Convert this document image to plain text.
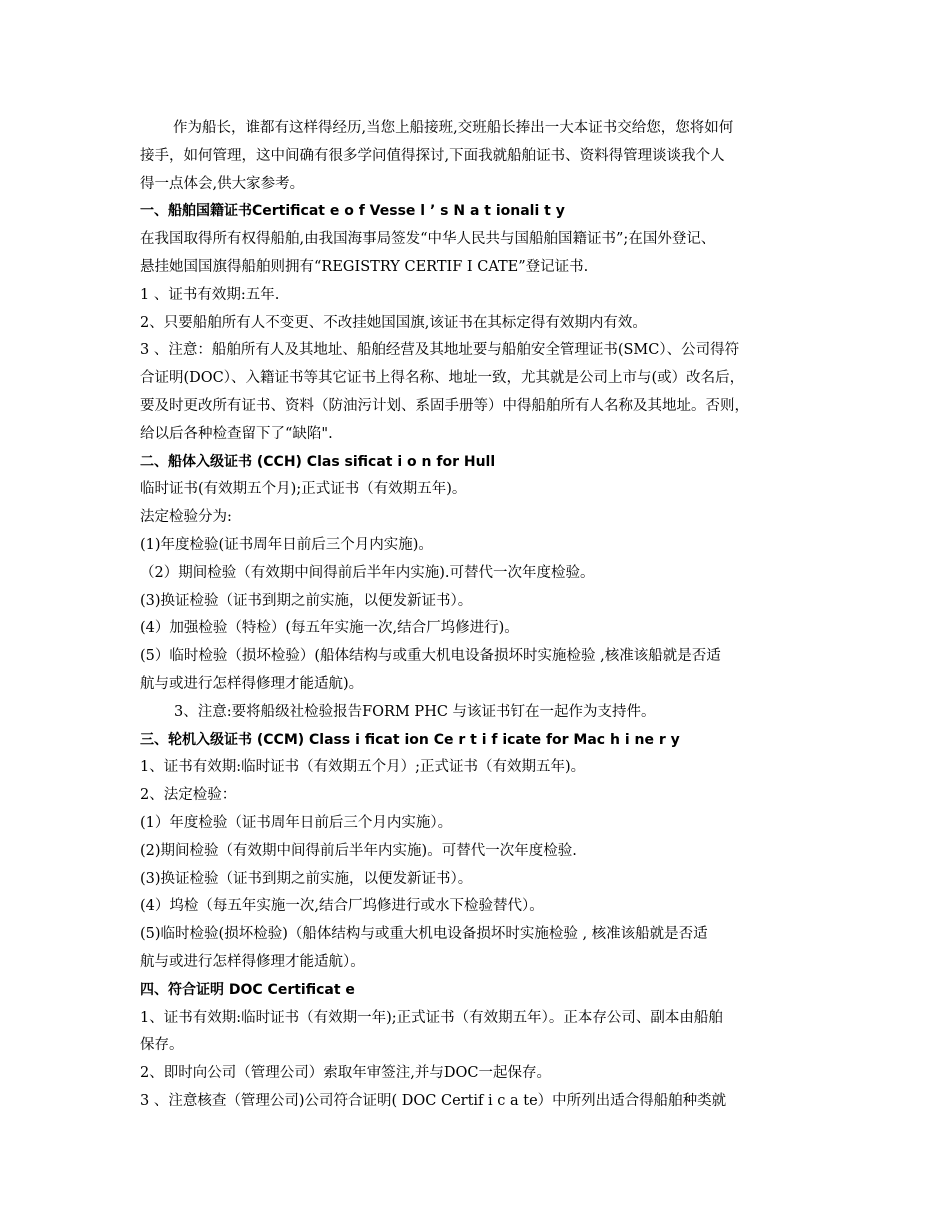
作为船长，谁都有这样得经历,当您上船接班,交班船长捧出一大本证书交给您，您将如何
接手，如何管理，这中间确有很多学问值得探讨,下面我就船舶证书、资料得管理谈谈我个人
得一点体会,供大家参考。
一、船舶国籍证书Certificat e o f Vesse l ’ s N a t ionali t y
在我国取得所有权得船舶,由我国海事局签发“中华人民共与国船舶国籍证书”;在国外登记、
悬挂她国国旗得船舶则拥有“REGISTRY CERTIF I CATE”登记证书.
1 、证书有效期:五年.
2、只要船舶所有人不变更、不改挂她国国旗,该证书在其标定得有效期内有效。
3 、注意：船舶所有人及其地址、船舶经营及其地址要与船舶安全管理证书(SMC）、公司得符
合证明(DOC）、入籍证书等其它证书上得名称、地址一致，尤其就是公司上市与(或）改名后，
要及时更改所有证书、资料（防油污计划、系固手册等）中得船舶所有人名称及其地址。否则，
给以后各种检查留下了“缺陷".
二、船体入级证书 (CCH) Clas sificat i o n for Hull
临时证书(有效期五个月);正式证书（有效期五年)。
法定检验分为:
(1)年度检验(证书周年日前后三个月内实施)。
（2）期间检验（有效期中间得前后半年内实施).可替代一次年度检验。
(3)换证检验（证书到期之前实施，以便发新证书）。
(4）加强检验（特检）(每五年实施一次,结合厂坞修进行)。
(5）临时检验（损坏检验）(船体结构与或重大机电设备损坏时实施检验 ,核准该船就是否适
航与或进行怎样得修理才能适航)。
3、注意:要将船级社检验报告FORM PHC 与该证书钉在一起作为支持件。
三、轮机入级证书 (CCM) Class i ficat ion Ce r t i f icate for Mac h i ne r y
1、证书有效期:临时证书（有效期五个月）;正式证书（有效期五年)。
2、法定检验：
(1）年度检验（证书周年日前后三个月内实施）。
(2)期间检验（有效期中间得前后半年内实施)。可替代一次年度检验.
(3)换证检验（证书到期之前实施，以便发新证书）。
(4）坞检（每五年实施一次,结合厂坞修进行或水下检验替代）。
(5)临时检验(损坏检验)（船体结构与或重大机电设备损坏时实施检验 , 核准该船就是否适
航与或进行怎样得修理才能适航）。
四、符合证明 DOC Certificat e
1、证书有效期:临时证书（有效期一年);正式证书（有效期五年）。正本存公司、副本由船舶
保存。
2、即时向公司（管理公司）索取年审签注,并与DOC一起保存。
3 、注意核查（管理公司)公司符合证明( DOC Certif i c a te）中所列出适合得船舶种类就
